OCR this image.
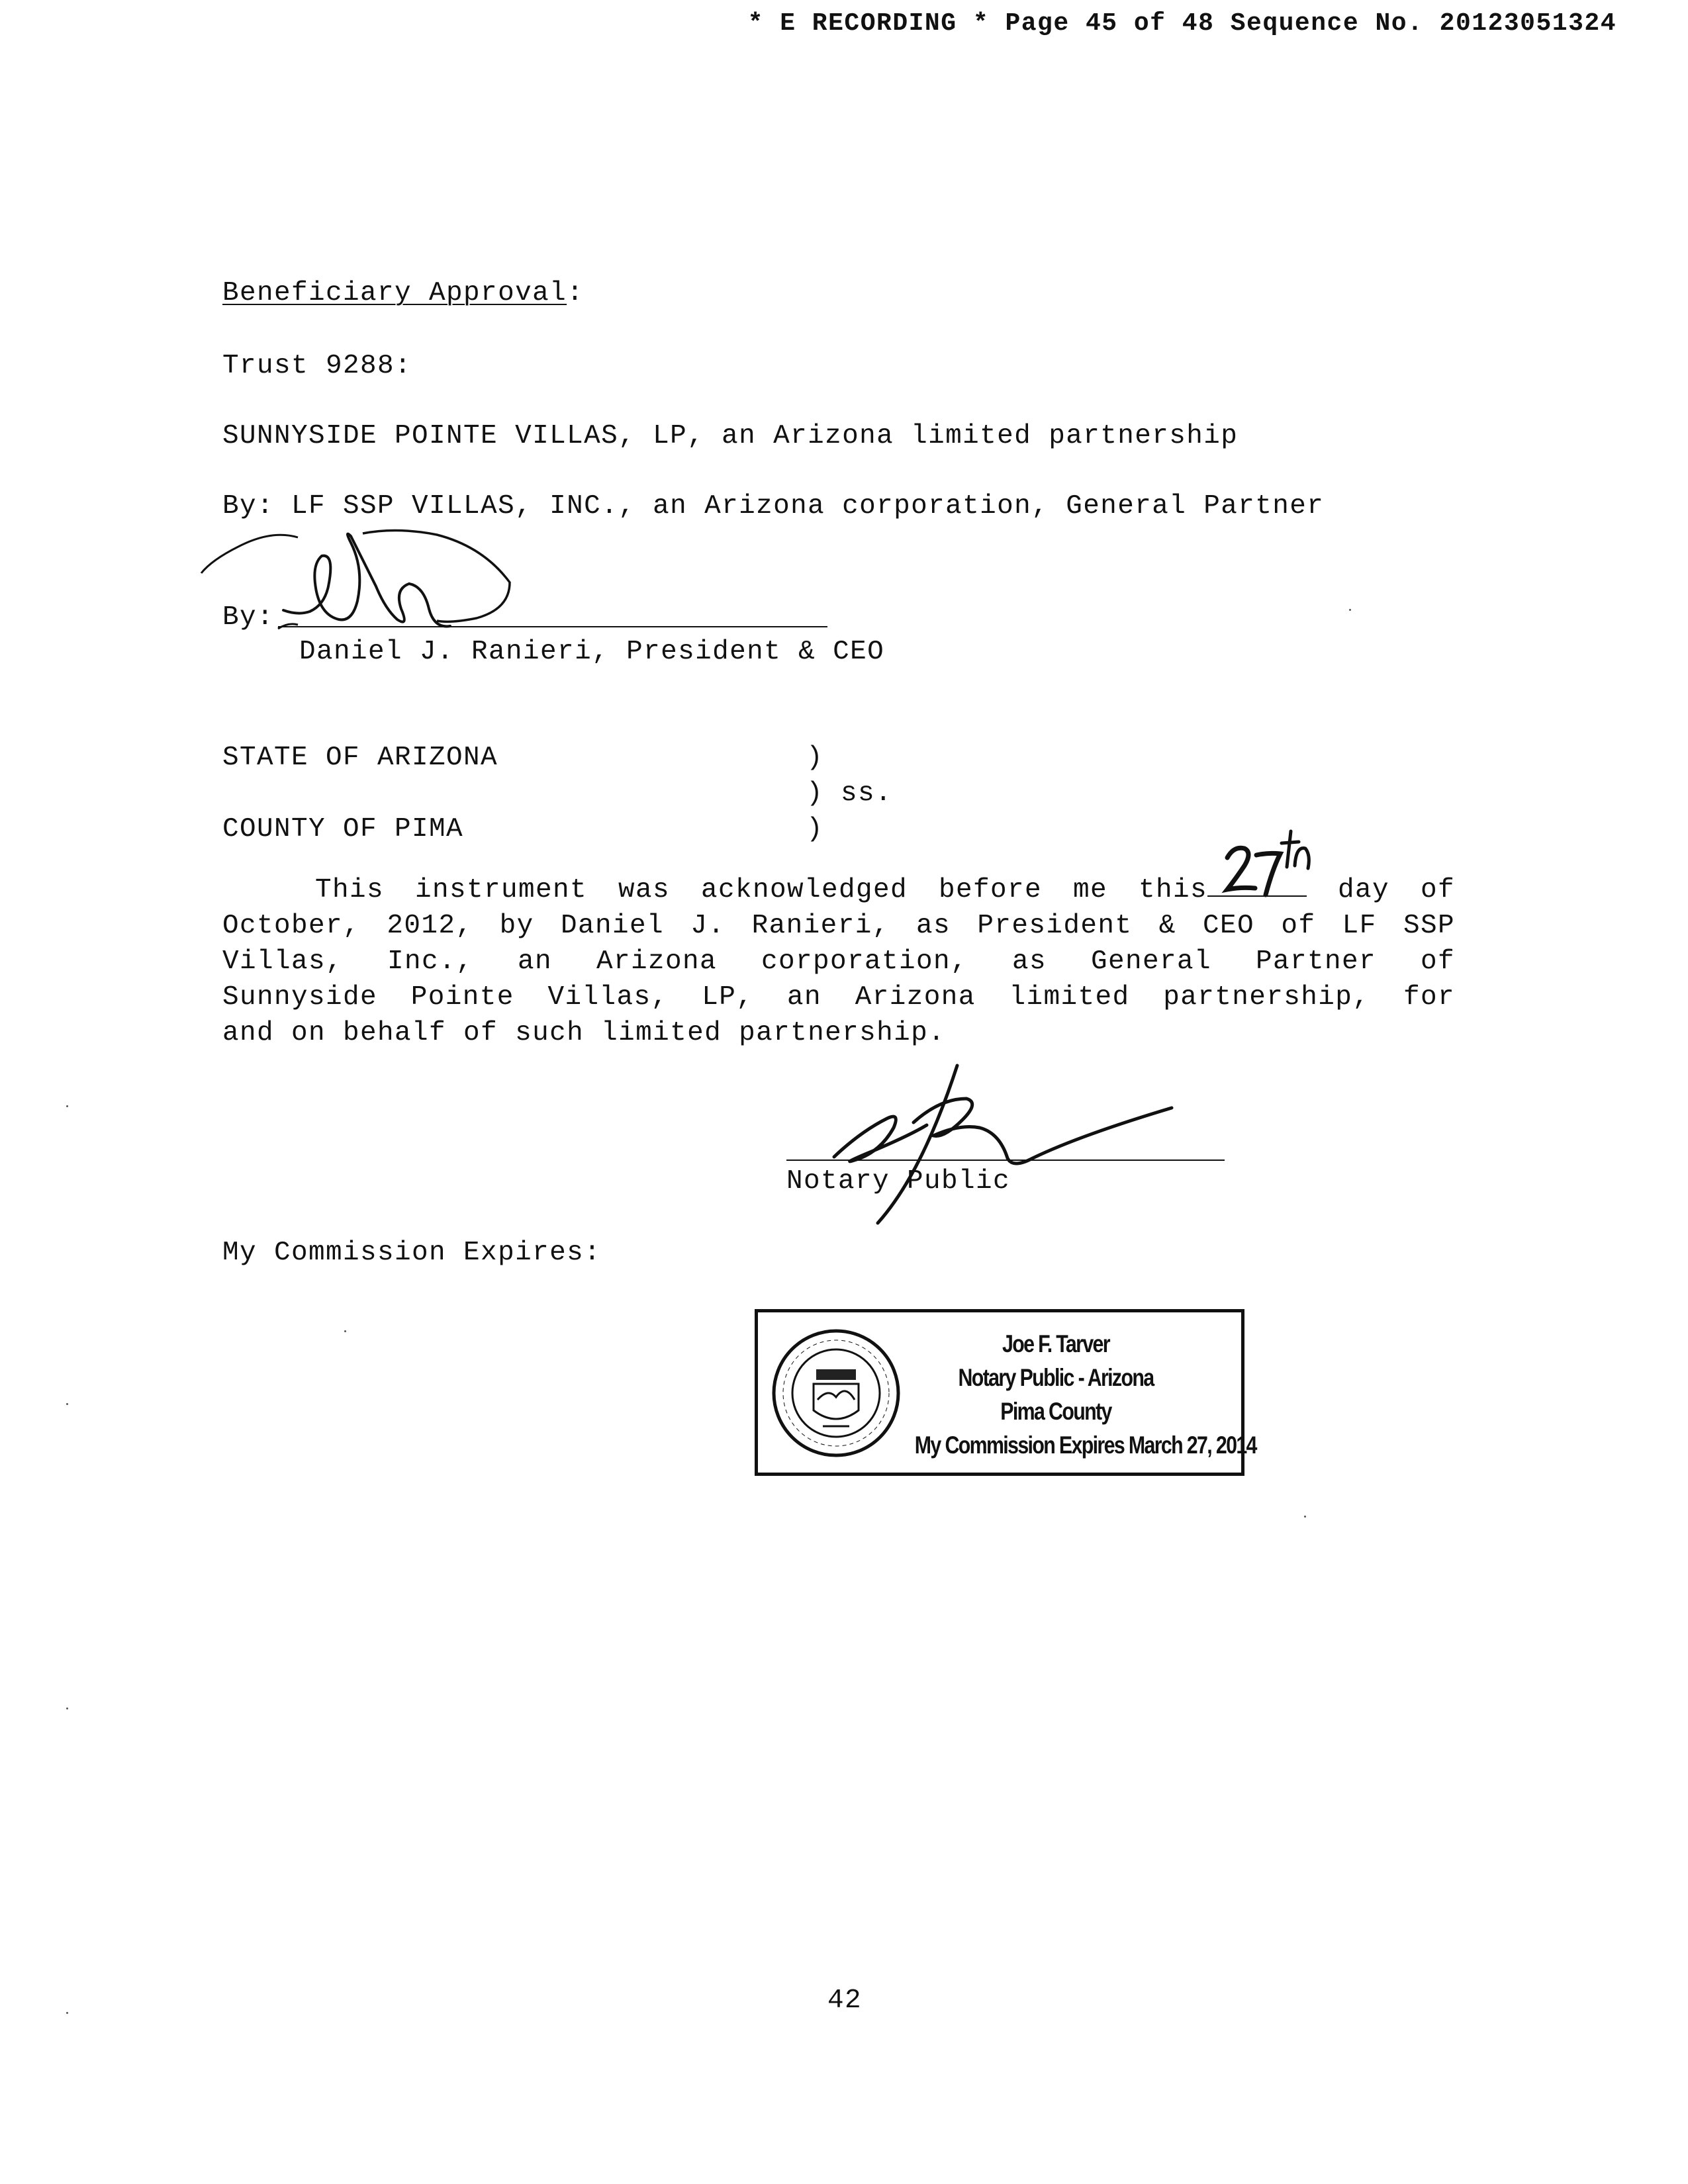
* E RECORDING * Page 45 of 48 Sequence No. 20123051324
Beneficiary Approval:
Trust 9288:
SUNNYSIDE POINTE VILLAS, LP, an Arizona limited partnership
By: LF SSP VILLAS, INC., an Arizona corporation, General Partner
By:
Daniel J. Ranieri, President & CEO
STATE OF ARIZONA
COUNTY OF PIMA
)
) ss.
)
This instrument was acknowledged before me this	day of
October, 2012, by Daniel J. Ranieri, as President & CEO of LF SSP
Villas, Inc., an Arizona corporation, as General Partner of
Sunnyside Pointe Villas, LP, an Arizona limited partnership, for
and on behalf of such limited partnership.
Notary Public
My Commission Expires:
Joe F. Tarver
Notary Public - Arizona
Pima County
My Commission Expires March 27, 2014
42
